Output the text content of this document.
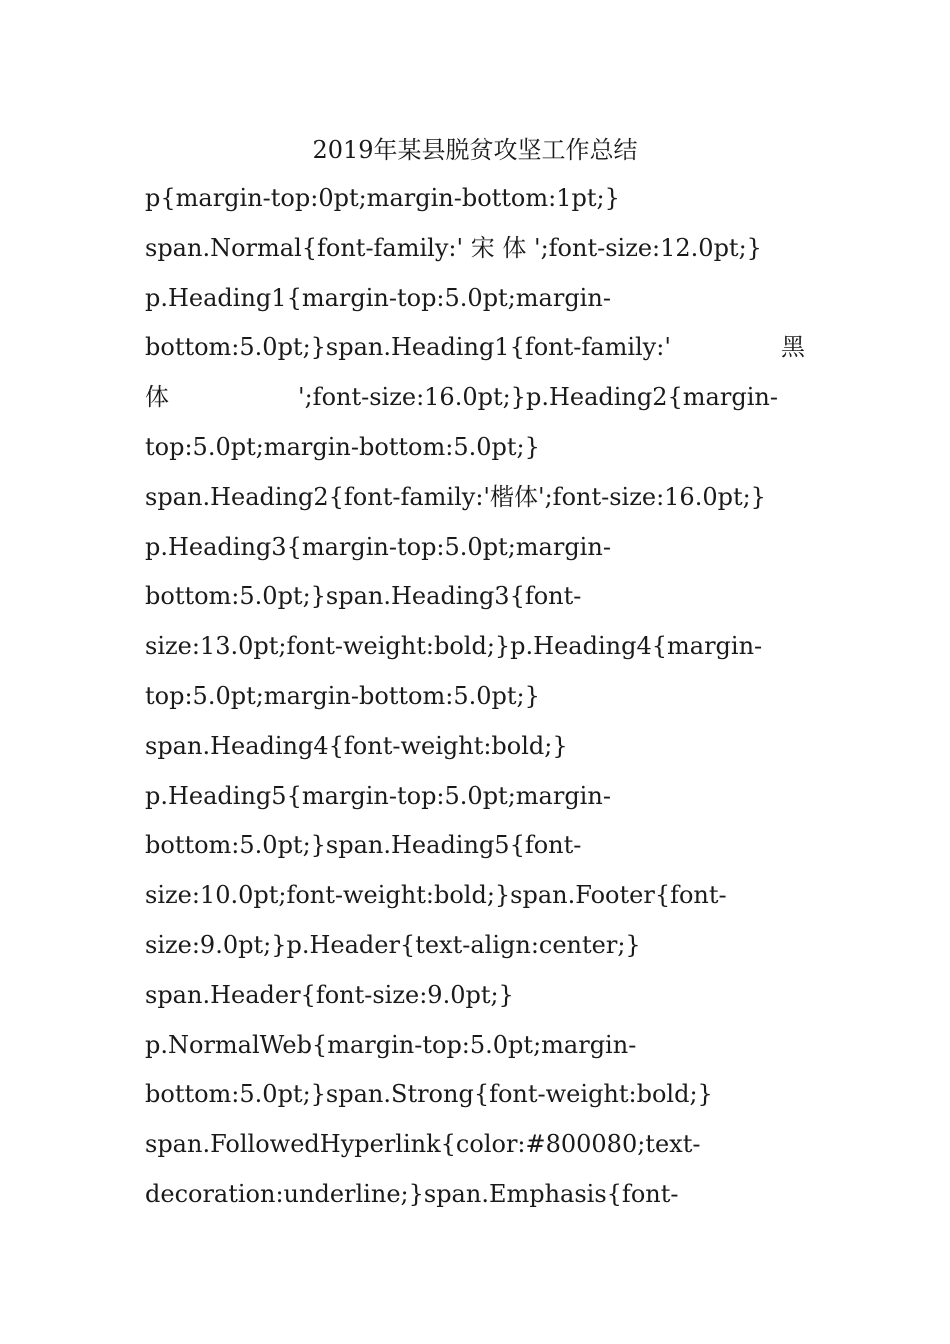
2019年某县脱贫攻坚工作总结
p{margin-top:0pt;margin-bottom:1pt;}
span.Normal{font-family:' 宋 体 ';font-size:12.0pt;}
p.Heading1{margin-top:5.0pt;margin-
bottom:5.0pt;}span.Heading1{font-family:'	黑
体	';font-size:16.0pt;}p.Heading2{margin-
top:5.0pt;margin-bottom:5.0pt;}
span.Heading2{font-family:'楷体';font-size:16.0pt;}
p.Heading3{margin-top:5.0pt;margin-
bottom:5.0pt;}span.Heading3{font-
size:13.0pt;font-weight:bold;}p.Heading4{margin-
top:5.0pt;margin-bottom:5.0pt;}
span.Heading4{font-weight:bold;}
p.Heading5{margin-top:5.0pt;margin-
bottom:5.0pt;}span.Heading5{font-
size:10.0pt;font-weight:bold;}span.Footer{font-
size:9.0pt;}p.Header{text-align:center;}
span.Header{font-size:9.0pt;}
p.NormalWeb{margin-top:5.0pt;margin-
bottom:5.0pt;}span.Strong{font-weight:bold;}
span.FollowedHyperlink{color:#800080;text-
decoration:underline;}span.Emphasis{font-
